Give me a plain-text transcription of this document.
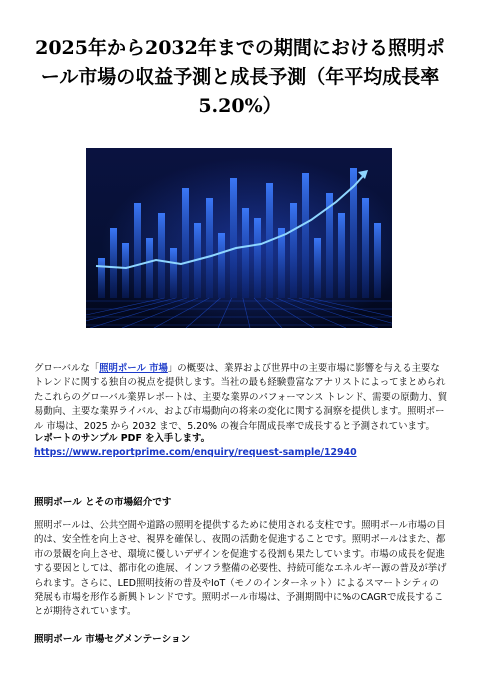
2025年から2032年までの期間における照明ポール市場の収益予測と成長予測（年平均成長率5.20%）

グローバルな「照明ポール 市場」の概要は、業界および世界中の主要市場に影響を与える主要なトレンドに関する独自の視点を提供します。当社の最も経験豊富なアナリストによってまとめられたこれらのグローバル業界レポートは、主要な業界のパフォーマンス トレンド、需要の原動力、貿易動向、主要な業界ライバル、および市場動向の将来の変化に関する洞察を提供します。照明ポール 市場は、2025 から 2032 まで、5.20% の複合年間成長率で成長すると予測されています。

レポートのサンプル PDF を入手します。https://www.reportprime.com/enquiry/request-sample/12940

照明ポール とその市場紹介です

照明ポールは、公共空間や道路の照明を提供するために使用される支柱です。照明ポール市場の目的は、安全性を向上させ、視界を確保し、夜間の活動を促進することです。照明ポールはまた、都市の景観を向上させ、環境に優しいデザインを促進する役割も果たしています。市場の成長を促進する要因としては、都市化の進展、インフラ整備の必要性、持続可能なエネルギー源の普及が挙げられます。さらに、LED照明技術の普及やIoT（モノのインターネット）によるスマートシティの発展も市場を形作る新興トレンドです。照明ポール市場は、予測期間中に%のCAGRで成長することが期待されています。

照明ポール 市場セグメンテーション
